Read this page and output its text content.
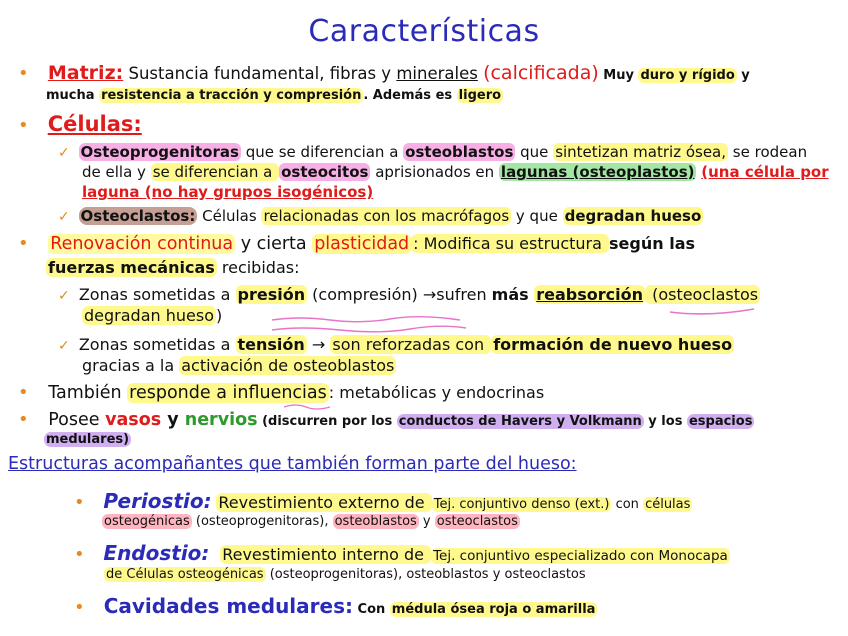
Características
• Matriz: Sustancia fundamental, fibras y minerales (calcificada) Muy duro y rígido y
mucha resistencia a tracción y compresión . Además es ligero
• Células:
✓ Osteoprogenitoras que se diferencian a osteoblastos que sintetizan matriz ósea, se rodean
de ella y se diferencian a osteocitos aprisionados en lagunas (osteoplastos) (una célula por
laguna (no hay grupos isogénicos)
✓ Osteoclastos: Células relacionadas con los macrófagos y que degradan hueso
• Renovación continua y cierta plasticidad : Modifica su estructura según las
fuerzas mecánicas recibidas:
✓ Zonas sometidas a presión (compresión) →sufren más reabsorción (osteoclastos
degradan hueso )
✓ Zonas sometidas a tensión → son reforzadas con formación de nuevo hueso
gracias a la activación de osteoblastos
• También responde a influencias : metabólicas y endocrinas
• Posee vasos y nervios (discurren por los conductos de Havers y Volkmann y los espacios
medulares)
Estructuras acompañantes que también forman parte del hueso:
• Periostio: Revestimiento externo de Tej. conjuntivo denso (ext.) con células
osteogénicas (osteoprogenitoras), osteoblastos y osteoclastos
• Endostio: Revestimiento interno de Tej. conjuntivo especializado con Monocapa
de Células osteogénicas (osteoprogenitoras), osteoblastos y osteoclastos
• Cavidades medulares: Con médula ósea roja o amarilla
